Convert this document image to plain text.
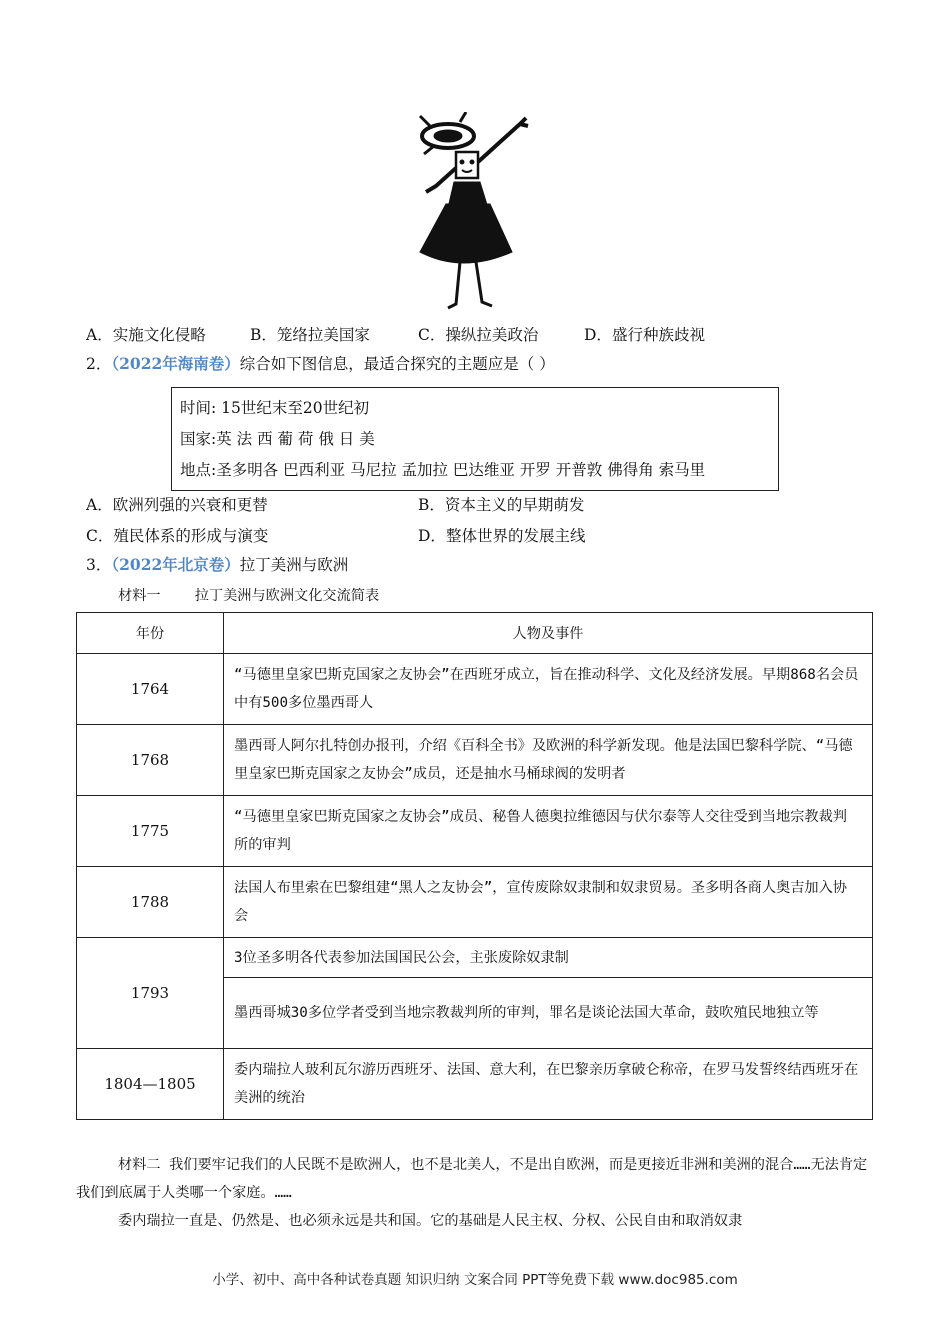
A．实施文化侵略	B．笼络拉美国家	C．操纵拉美政治	D．盛行种族歧视
2．（2022年海南卷）综合如下图信息，最适合探究的主题应是（ ）
时间: 15世纪末至20世纪初
国家:英 法 西 葡 荷 俄 日 美
地点:圣多明各 巴西利亚 马尼拉 孟加拉 巴达维亚 开罗 开普敦 佛得角 索马里
A．欧洲列强的兴衰和更替	B．资本主义的早期萌发
C．殖民体系的形成与演变	D．整体世界的发展主线
3．（2022年北京卷）拉丁美洲与欧洲
材料一    拉丁美洲与欧洲文化交流简表
年份	人物及事件
1764	“马德里皇家巴斯克国家之友协会”在西班牙成立，旨在推动科学、文化及经济发展。早期868名会员中有500多位墨西哥人
1768	墨西哥人阿尔扎特创办报刊，介绍《百科全书》及欧洲的科学新发现。他是法国巴黎科学院、“马德里皇家巴斯克国家之友协会”成员，还是抽水马桶球阀的发明者
1775	“马德里皇家巴斯克国家之友协会”成员、秘鲁人德奥拉维德因与伏尔泰等人交往受到当地宗教裁判所的审判
1788	法国人布里索在巴黎组建“黑人之友协会”，宣传废除奴隶制和奴隶贸易。圣多明各商人奥吉加入协会
1793	3位圣多明各代表参加法国国民公会，主张废除奴隶制
	墨西哥城30多位学者受到当地宗教裁判所的审判，罪名是谈论法国大革命，鼓吹殖民地独立等
1804—1805	委内瑞拉人玻利瓦尔游历西班牙、法国、意大利，在巴黎亲历拿破仑称帝，在罗马发誓终结西班牙在美洲的统治
材料二 我们要牢记我们的人民既不是欧洲人，也不是北美人，不是出自欧洲，而是更接近非洲和美洲的混合……无法肯定我们到底属于人类哪一个家庭。……
委内瑞拉一直是、仍然是、也必须永远是共和国。它的基础是人民主权、分权、公民自由和取消奴隶
小学、初中、高中各种试卷真题 知识归纳 文案合同 PPT等免费下载 www.doc985.com
